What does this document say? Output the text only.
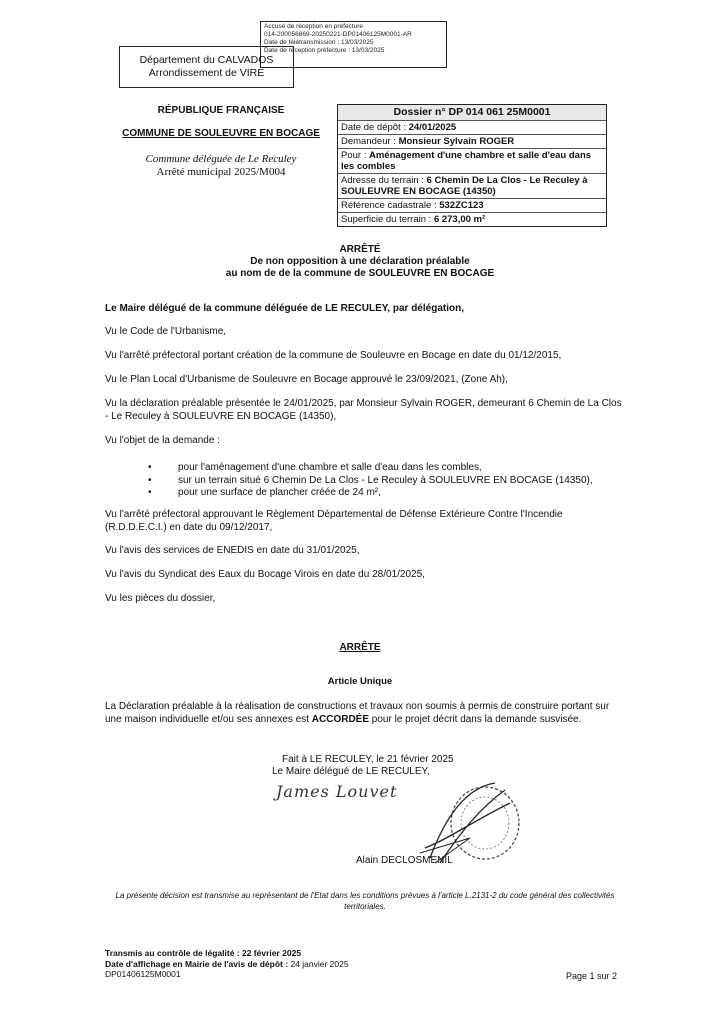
Accusé de réception en préfecture
014-200056869-20250221-DP01406125M0001-AR
Date de télétransmission : 13/03/2025
Date de réception préfecture : 13/03/2025
Département du CALVADOS
Arrondissement de VIRE
RÉPUBLIQUE FRANÇAISE
COMMUNE DE SOULEUVRE EN BOCAGE
Commune déléguée de Le Reculey
Arrêté municipal 2025/M004
Dossier n° DP 014 061 25M0001
Date de dépôt : 24/01/2025
Demandeur : Monsieur Sylvain ROGER
Pour : Aménagement d'une chambre et salle d'eau dans les combles
Adresse du terrain : 6 Chemin De La Clos - Le Reculey à SOULEUVRE EN BOCAGE (14350)
Référence cadastrale : 532ZC123
Superficie du terrain : 6 273,00 m²
ARRÊTÉ
De non opposition à une déclaration préalable
au nom de de la commune de SOULEUVRE EN BOCAGE
Le Maire délégué de la commune déléguée de LE RECULEY, par délégation,
Vu le Code de l'Urbanisme,
Vu l'arrêté préfectoral portant création de la commune de Souleuvre en Bocage en date du 01/12/2015,
Vu le Plan Local d'Urbanisme de Souleuvre en Bocage approuvé le 23/09/2021, (Zone Ah),
Vu la déclaration préalable présentée le 24/01/2025, par Monsieur Sylvain ROGER, demeurant 6 Chemin de La Clos - Le Reculey à SOULEUVRE EN BOCAGE (14350),
Vu l'objet de la demande :
• pour l'aménagement d'une chambre et salle d'eau dans les combles,
• sur un terrain situé 6 Chemin De La Clos - Le Reculey à SOULEUVRE EN BOCAGE (14350),
• pour une surface de plancher créée de 24 m²,
Vu l'arrêté préfectoral approuvant le Règlement Départemental de Défense Extérieure Contre l'Incendie (R.D.D.E.C.I.) en date du 09/12/2017,
Vu l'avis des services de ENEDIS en date du 31/01/2025,
Vu l'avis du Syndicat des Eaux du Bocage Virois en date du 28/01/2025,
Vu les pièces du dossier,
ARRÊTE
Article Unique
La Déclaration préalable à la réalisation de constructions et travaux non soumis à permis de construire portant sur une maison individuelle et/ou ses annexes est ACCORDÉE pour le projet décrit dans la demande susvisée.
Fait à LE RECULEY, le 21 février 2025
Le Maire délégué de LE RECULEY,
James Louvet
Alain DECLOSMENIL
La présente décision est transmise au représentant de l'Etat dans les conditions prévues à l'article L.2131-2 du code général des collectivités territoriales.
Transmis au contrôle de légalité : 22 février 2025
Date d'affichage en Mairie de l'avis de dépôt : 24 janvier 2025
DP01406125M0001	Page 1 sur 2
